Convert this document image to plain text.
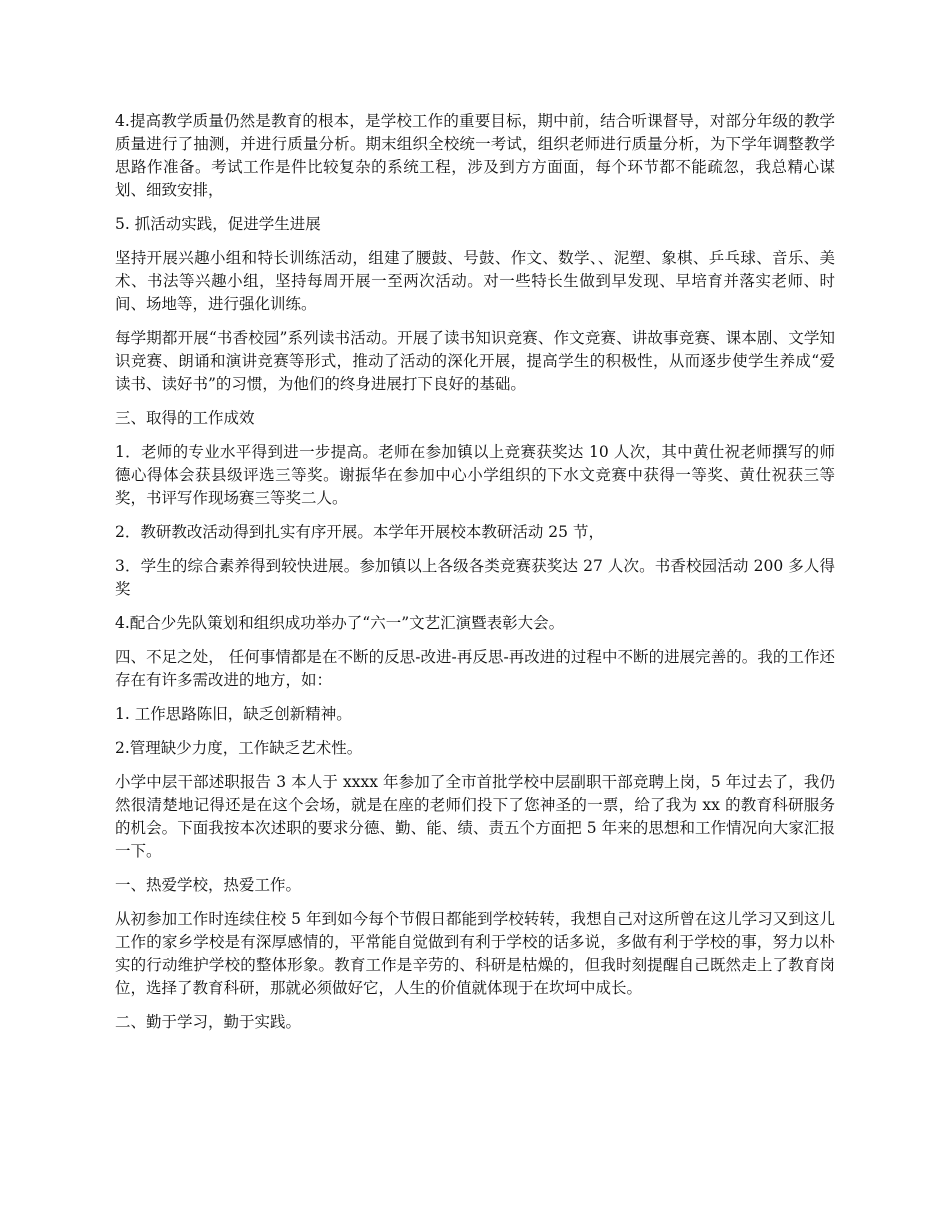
4.提高教学质量仍然是教育的根本，是学校工作的重要目标，期中前，结合听课督导，对部分年级的教学质量进行了抽测，并进行质量分析。期末组织全校统一考试，组织老师进行质量分析，为下学年调整教学思路作准备。考试工作是件比较复杂的系统工程，涉及到方方面面，每个环节都不能疏忽，我总精心谋划、细致安排，

5. 抓活动实践，促进学生进展

坚持开展兴趣小组和特长训练活动，组建了腰鼓、号鼓、作文、数学、、泥塑、象棋、乒乓球、音乐、美术、书法等兴趣小组，坚持每周开展一至两次活动。对一些特长生做到早发现、早培育并落实老师、时间、场地等，进行强化训练。

每学期都开展“书香校园”系列读书活动。开展了读书知识竞赛、作文竞赛、讲故事竞赛、课本剧、文学知识竞赛、朗诵和演讲竞赛等形式，推动了活动的深化开展，提高学生的积极性，从而逐步使学生养成“爱读书、读好书”的习惯，为他们的终身进展打下良好的基础。

三、取得的工作成效

1．老师的专业水平得到进一步提高。老师在参加镇以上竞赛获奖达 10 人次，其中黄仕祝老师撰写的师德心得体会获县级评选三等奖。谢振华在参加中心小学组织的下水文竞赛中获得一等奖、黄仕祝获三等奖，书评写作现场赛三等奖二人。

2．教研教改活动得到扎实有序开展。本学年开展校本教研活动 25 节，

3．学生的综合素养得到较快进展。参加镇以上各级各类竞赛获奖达 27 人次。书香校园活动 200 多人得奖

4.配合少先队策划和组织成功举办了“六一”文艺汇演暨表彰大会。

四、不足之处， 任何事情都是在不断的反思-改进-再反思-再改进的过程中不断的进展完善的。我的工作还存在有许多需改进的地方，如：

1. 工作思路陈旧，缺乏创新精神。

2.管理缺少力度，工作缺乏艺术性。

小学中层干部述职报告 3 本人于 xxxx 年参加了全市首批学校中层副职干部竞聘上岗，5 年过去了，我仍然很清楚地记得还是在这个会场，就是在座的老师们投下了您神圣的一票，给了我为 xx 的教育科研服务的机会。下面我按本次述职的要求分德、勤、能、绩、责五个方面把 5 年来的思想和工作情况向大家汇报一下。

一、热爱学校，热爱工作。

从初参加工作时连续住校 5 年到如今每个节假日都能到学校转转，我想自己对这所曾在这儿学习又到这儿工作的家乡学校是有深厚感情的，平常能自觉做到有利于学校的话多说，多做有利于学校的事，努力以朴实的行动维护学校的整体形象。教育工作是辛劳的、科研是枯燥的，但我时刻提醒自己既然走上了教育岗位，选择了教育科研，那就必须做好它，人生的价值就体现于在坎坷中成长。

二、勤于学习，勤于实践。
